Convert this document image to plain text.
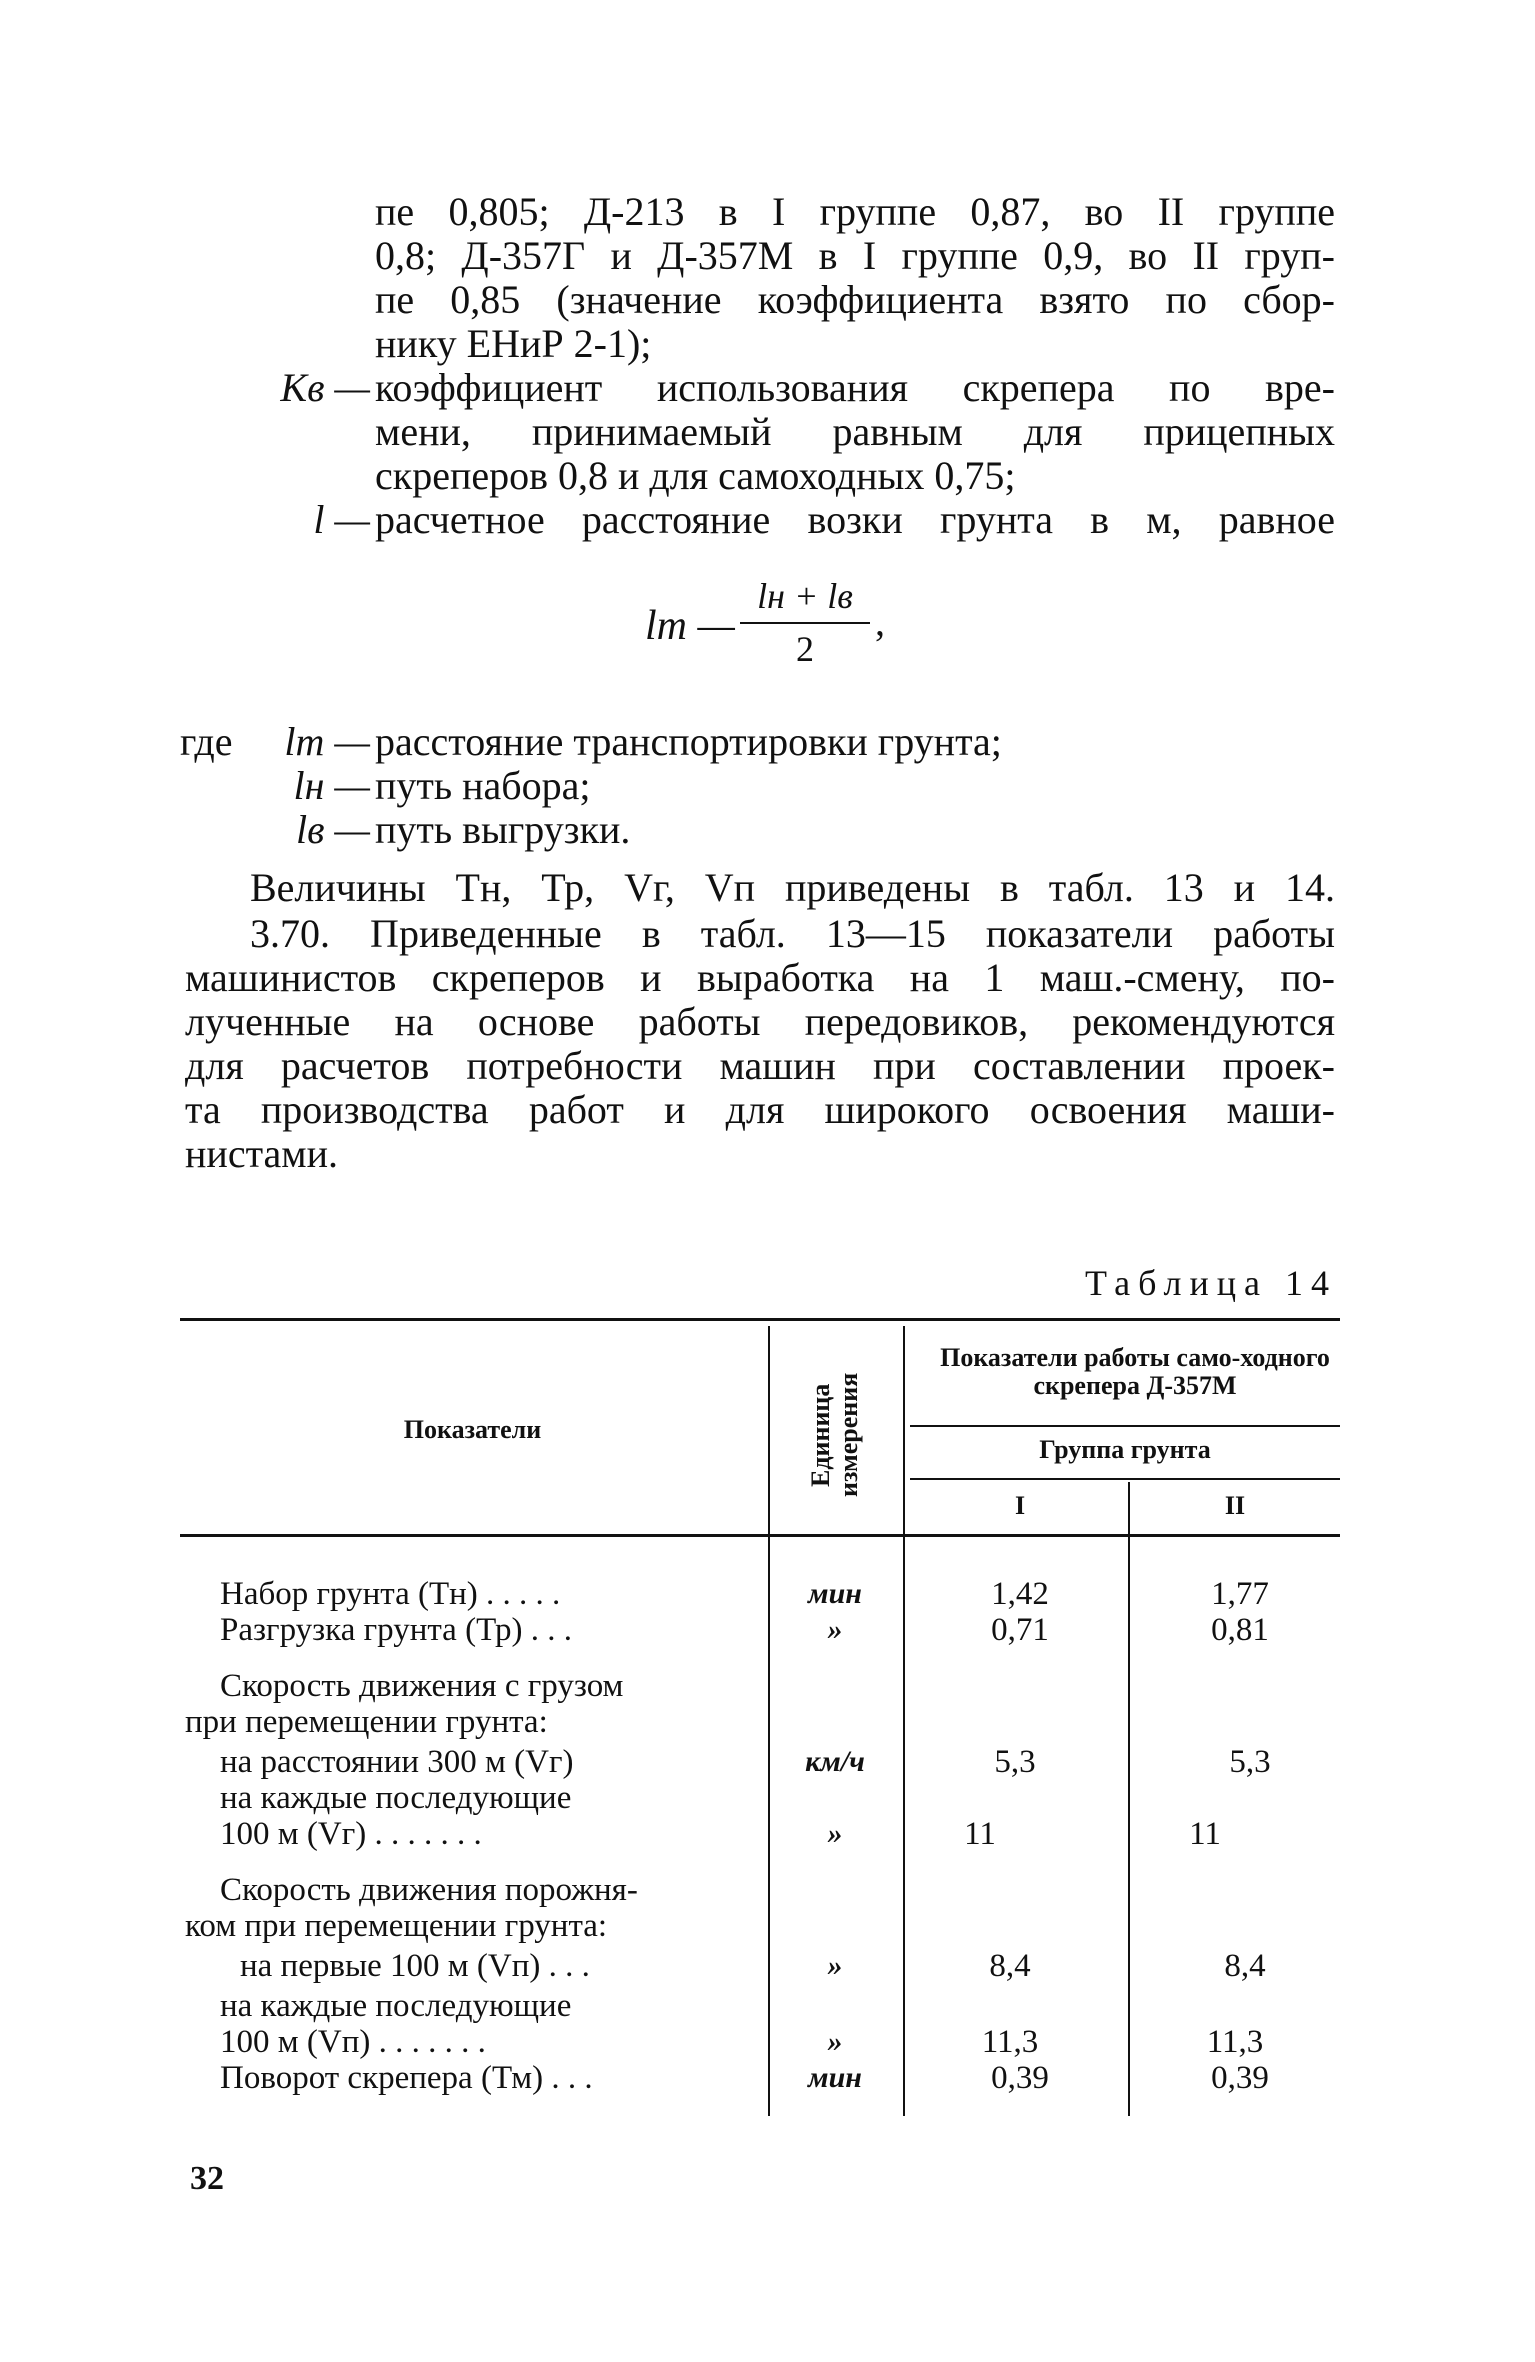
пе 0,805; Д-213 в I группе 0,87, во II группе
0,8; Д-357Г и Д-357М в I группе 0,9, во II груп-
пе 0,85 (значение коэффициента взято по сбор-
нику ЕНиР 2-1);
Kв — коэффициент использования скрепера по вре-
мени, принимаемый равным для прицепных
скреперов 0,8 и для самоходных 0,75;
l — расчетное расстояние возки грунта в м, равное
lт —
lн + lв
2
,
где	lт — расстояние транспортировки грунта;
lн — путь набора;
lв — путь выгрузки.
Величины Тн, Тр, Vг, Vп приведены в табл. 13 и 14.
3.70. Приведенные в табл. 13—15 показатели работы
машинистов скреперов и выработка на 1 маш.-смену, по-
лученные на основе работы передовиков, рекомендуются
для расчетов потребности машин при составлении проек-
та производства работ и для широкого освоения маши-
нистами.
Таблица 14
Показатели	Единица измерения
Показатели работы само-ходного скрепера Д-357М
Группа грунта
I	II
Набор грунта (Тн) . . . . .	мин	1,42	1,77
Разгрузка грунта (Тр) . . .	»	0,71	0,81
Скорость движения с грузом
при перемещении грунта:
на расстоянии 300 м (Vг)	км/ч	5,3	5,3
на каждые последующие
100 м (Vг) . . . . . . .	»	11	11
Скорость движения порожня-
ком при перемещении грунта:
на первые 100 м (Vп) . . .	»	8,4	8,4
на каждые последующие
100 м (Vп) . . . . . . .	»	11,3	11,3
Поворот скрепера (Тм) . . .	мин	0,39	0,39
32
